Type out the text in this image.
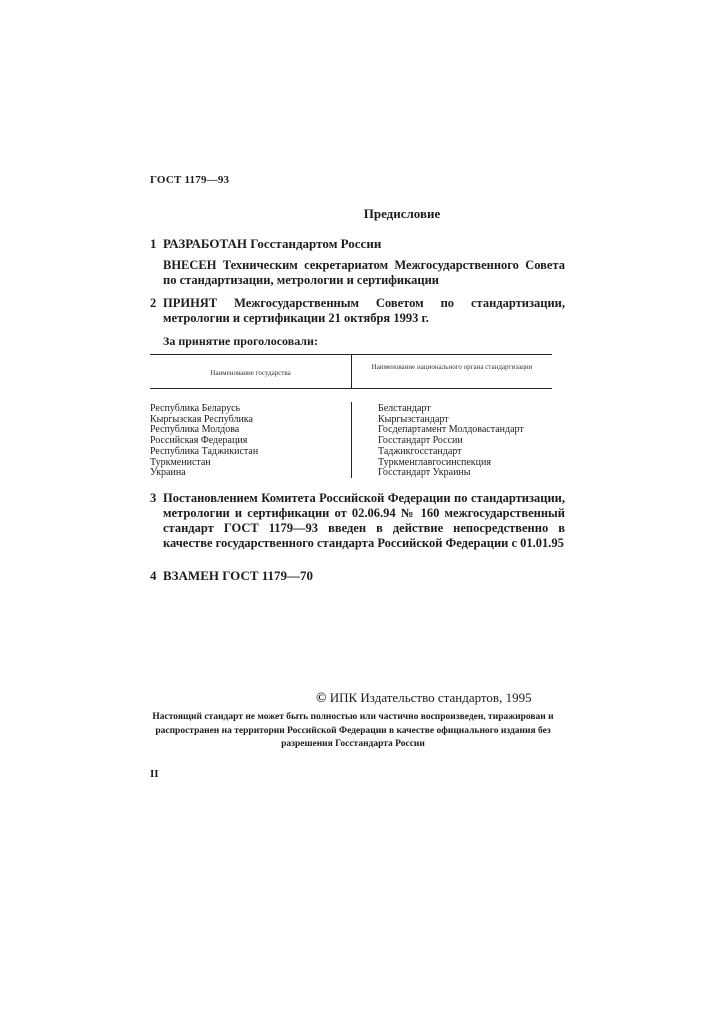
ГОСТ 1179—93
Предисловие
1 РАЗРАБОТАН Госстандартом России
ВНЕСЕН Техническим секретариатом Межгосударственного Совета по стандартизации, метрологии и сертификации
2 ПРИНЯТ Межгосударственным Советом по стандартизации, метрологии и сертификации 21 октября 1993 г.
За принятие проголосовали:
Наименование государства
Наименование национального органа стандартизации
Республика Беларусь
Кыргызская Республика
Республика Молдова
Российская Федерация
Республика Таджикистан
Туркменистан
Украина
Белстандарт
Кыргызстандарт
Госдепартамент Молдовастандарт
Госстандарт России
Таджикгосстандарт
Туркменглавгосинспекция
Госстандарт Украины
3 Постановлением Комитета Российской Федерации по стандартизации, метрологии и сертификации от 02.06.94 № 160 межгосударственный стандарт ГОСТ 1179—93 введен в действие непосредственно в качестве государственного стандарта Российской Федерации с 01.01.95
4 ВЗАМЕН ГОСТ 1179—70
© ИПК Издательство стандартов, 1995
Настоящий стандарт не может быть полностью или частично воспроизведен, тиражирован и распространен на территории Российской Федерации в качестве официального издания без разрешения Госстандарта России
II
